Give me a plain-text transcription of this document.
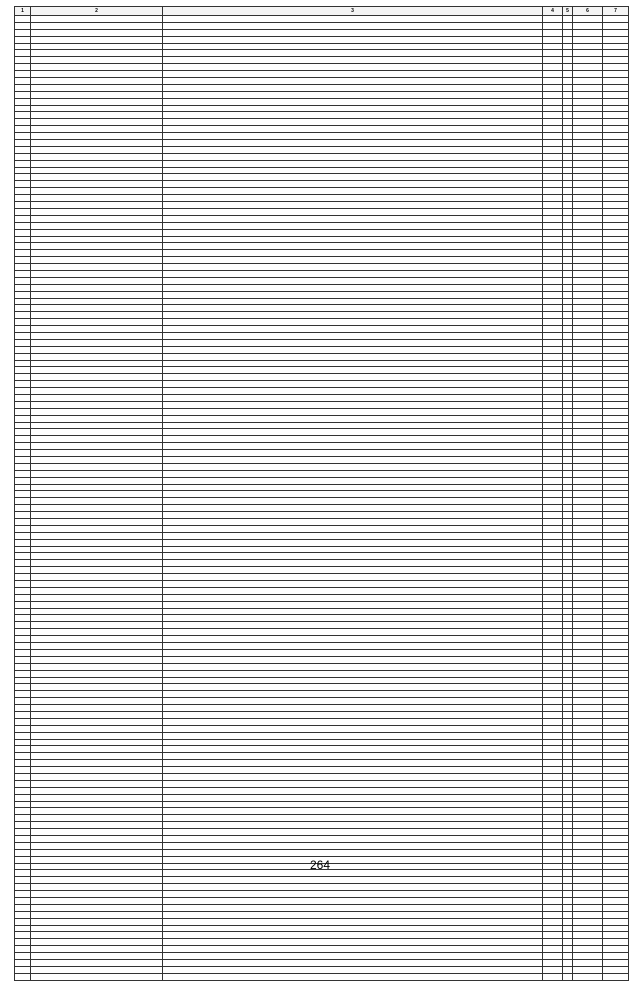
1	2	3	4	5	6	7

264
